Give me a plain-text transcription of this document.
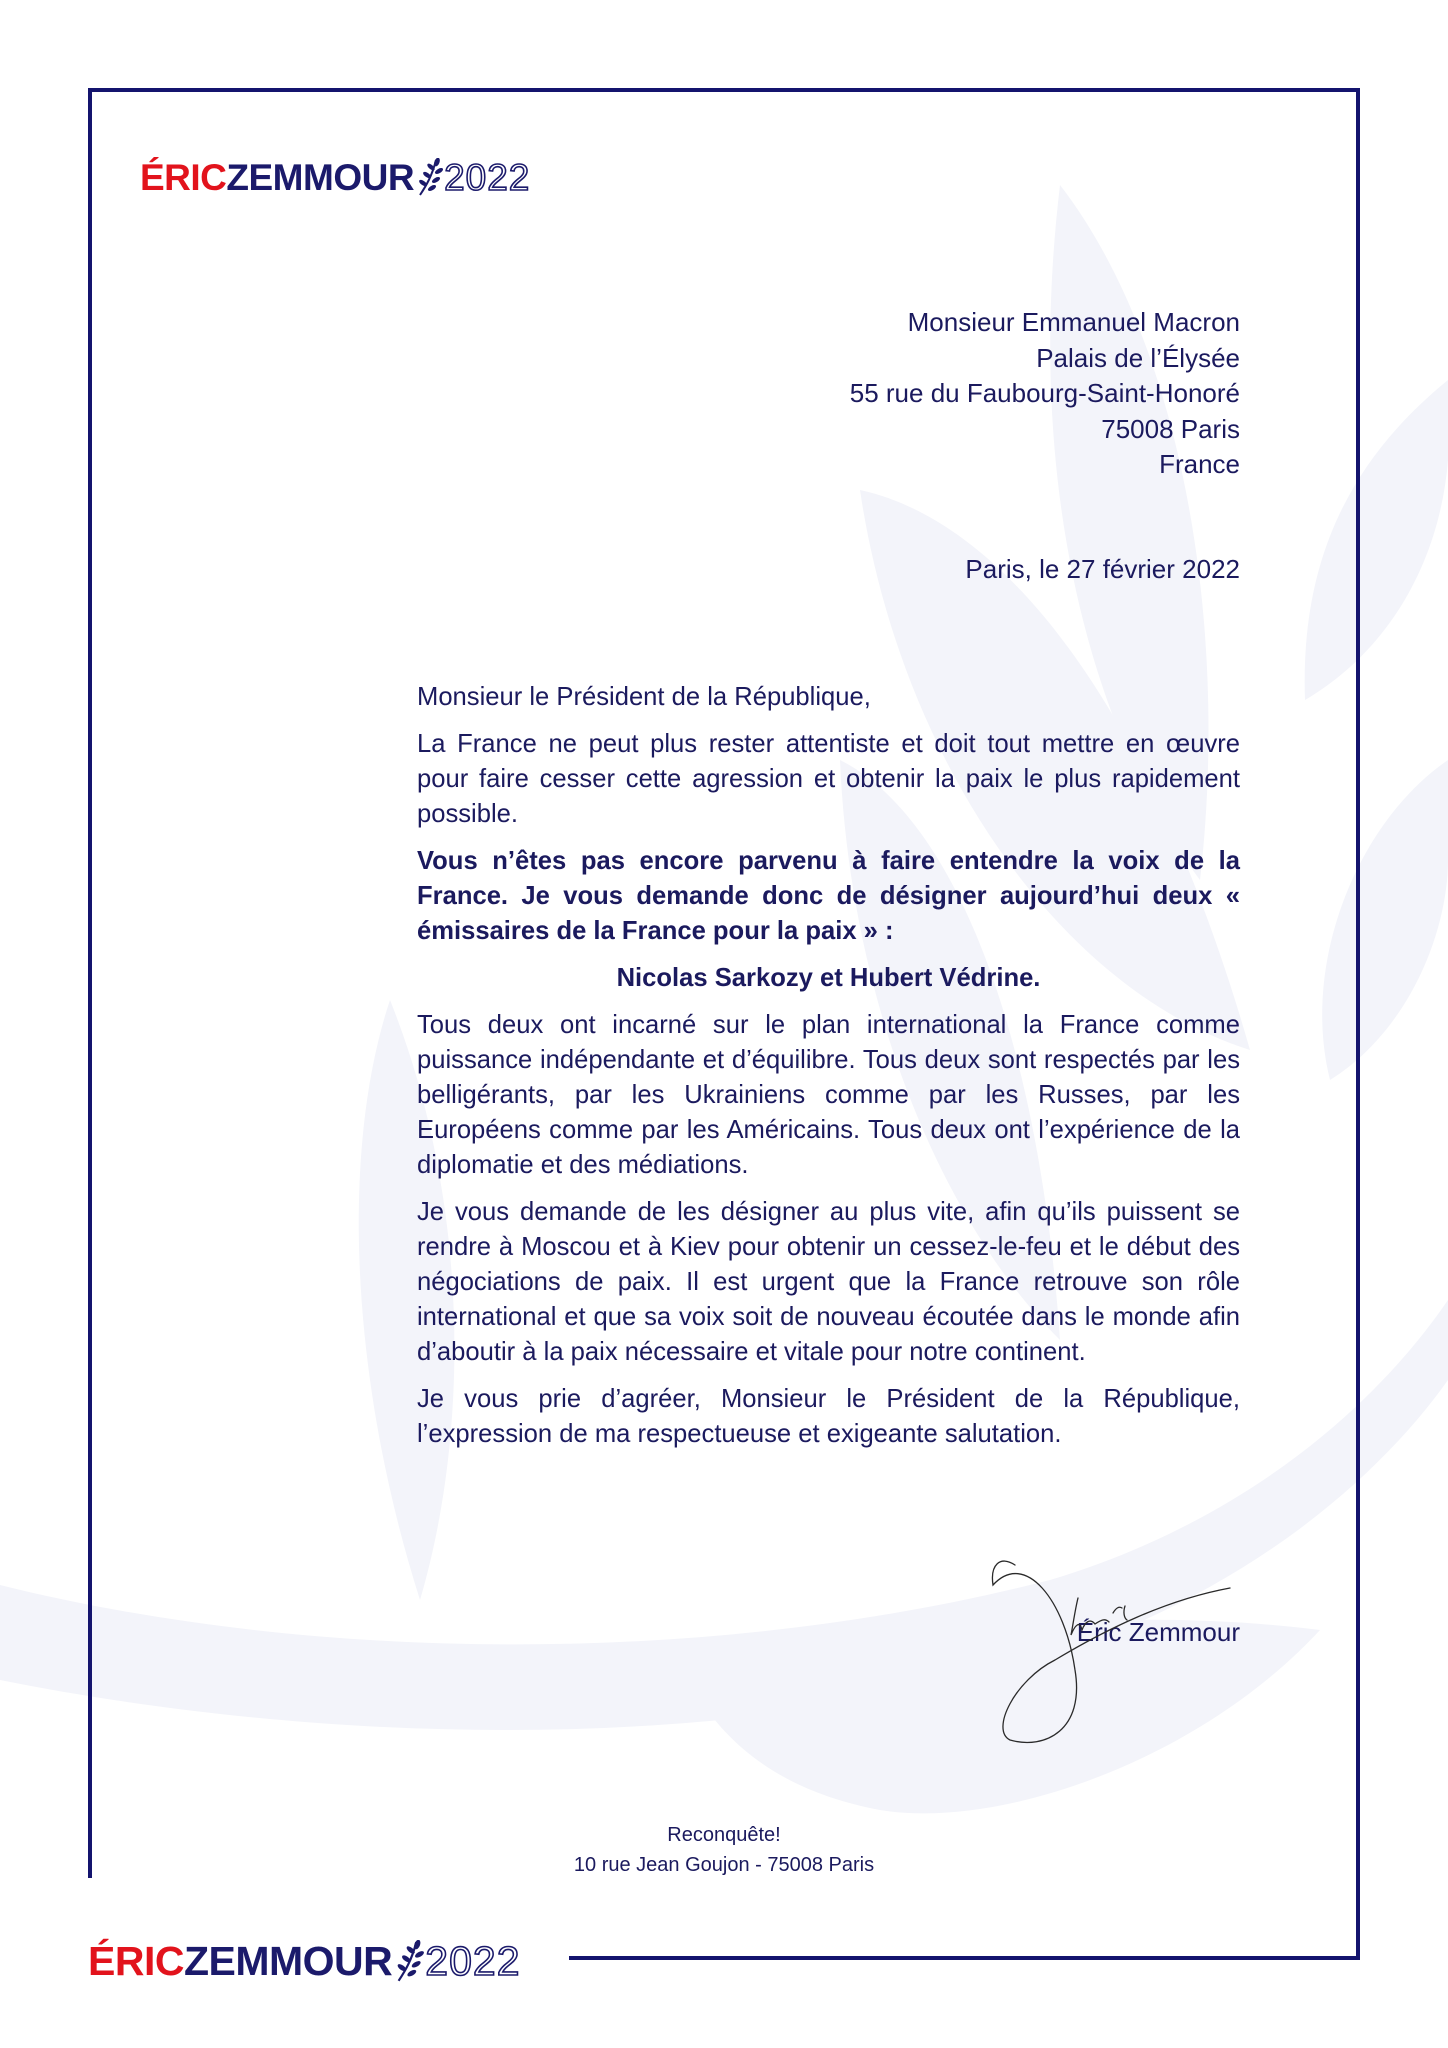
ÉRIC ZEMMOUR 2022
Monsieur Emmanuel Macron
Palais de l’Élysée
55 rue du Faubourg-Saint-Honoré
75008 Paris
France
Paris, le 27 février 2022

Monsieur le Président de la République,

La France ne peut plus rester attentiste et doit tout mettre en œuvre pour faire cesser cette agression et obtenir la paix le plus rapidement possible.

Vous n’êtes pas encore parvenu à faire entendre la voix de la France. Je vous demande donc de désigner aujourd’hui deux « émissaires de la France pour la paix » :

Nicolas Sarkozy et Hubert Védrine.

Tous deux ont incarné sur le plan international la France comme puissance indépendante et d’équilibre. Tous deux sont respectés par les belligérants, par les Ukrainiens comme par les Russes, par les Européens comme par les Américains. Tous deux ont l’expérience de la diplomatie et des médiations.

Je vous demande de les désigner au plus vite, afin qu’ils puissent se rendre à Moscou et à Kiev pour obtenir un cessez-le-feu et le début des négociations de paix. Il est urgent que la France retrouve son rôle international et que sa voix soit de nouveau écoutée dans le monde afin d’aboutir à la paix nécessaire et vitale pour notre continent.

Je vous prie d’agréer, Monsieur le Président de la République,
l’expression de ma respectueuse et exigeante salutation.

Éric Zemmour
Reconquête!
10 rue Jean Goujon - 75008 Paris
ÉRIC ZEMMOUR 2022
